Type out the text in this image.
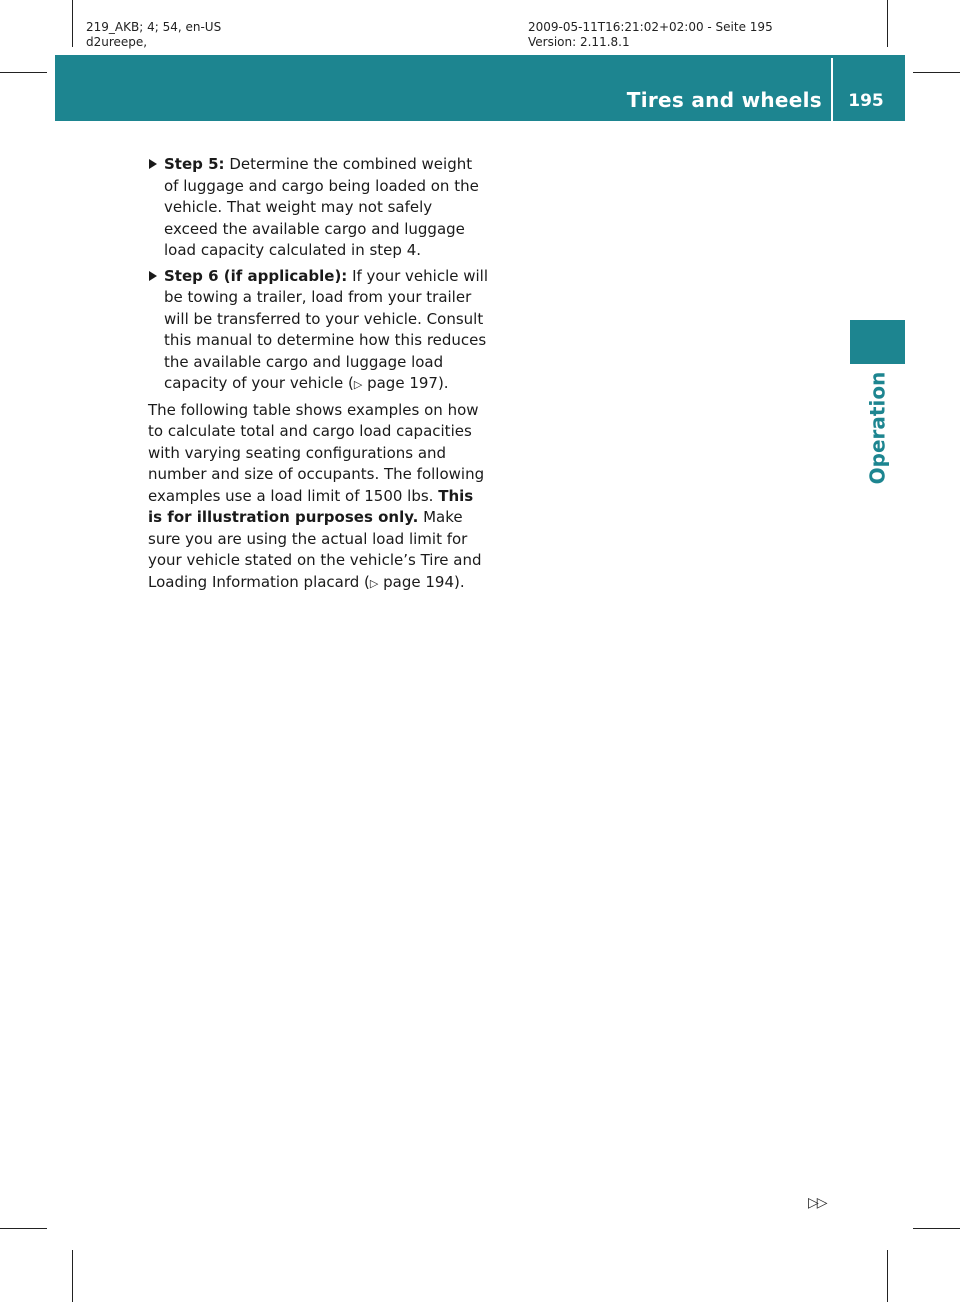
219_AKB; 4; 54, en-US
d2ureepe,
2009-05-11T16:21:02+02:00 - Seite 195
Version: 2.11.8.1
Tires and wheels	195
Operation
Step 5: Determine the combined weight of luggage and cargo being loaded on the vehicle. That weight may not safely exceed the available cargo and luggage load capacity calculated in step 4.
Step 6 (if applicable): If your vehicle will be towing a trailer, load from your trailer will be transferred to your vehicle. Consult this manual to determine how this reduces the available cargo and luggage load capacity of your vehicle (▷ page 197).
The following table shows examples on how to calculate total and cargo load capacities with varying seating configurations and number and size of occupants. The following examples use a load limit of 1500 lbs. This is for illustration purposes only. Make sure you are using the actual load limit for your vehicle stated on the vehicle’s Tire and Loading Information placard (▷ page 194).
▷▷
